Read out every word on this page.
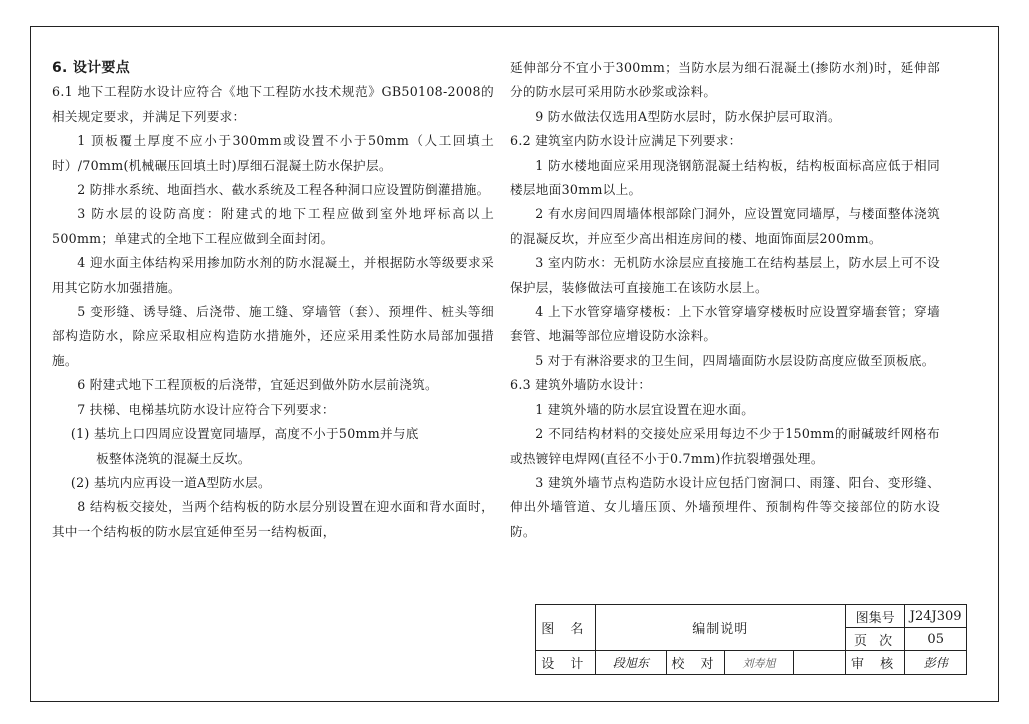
6. 设计要点

6.1 地下工程防水设计应符合《地下工程防水技术规范》GB50108-2008的相关规定要求，并满足下列要求：

1 顶板覆土厚度不应小于300mm或设置不小于50mm（人工回填土时）/70mm(机械碾压回填土时)厚细石混凝土防水保护层。

2 防排水系统、地面挡水、截水系统及工程各种洞口应设置防倒灌措施。

3 防水层的设防高度：附建式的地下工程应做到室外地坪标高以上500mm；单建式的全地下工程应做到全面封闭。

4 迎水面主体结构采用掺加防水剂的防水混凝土，并根据防水等级要求采用其它防水加强措施。

5 变形缝、诱导缝、后浇带、施工缝、穿墙管（套）、预埋件、桩头等细部构造防水，除应采取相应构造防水措施外，还应采用柔性防水局部加强措施。

6 附建式地下工程顶板的后浇带，宜延迟到做外防水层前浇筑。

7 扶梯、电梯基坑防水设计应符合下列要求：

(1) 基坑上口四周应设置宽同墙厚，高度不小于50mm并与底

板整体浇筑的混凝土反坎。

(2) 基坑内应再设一道A型防水层。

8 结构板交接处，当两个结构板的防水层分别设置在迎水面和背水面时，其中一个结构板的防水层宜延伸至另一结构板面，

延伸部分不宜小于300mm；当防水层为细石混凝土(掺防水剂)时，延伸部分的防水层可采用防水砂浆或涂料。

9 防水做法仅选用A型防水层时，防水保护层可取消。

6.2 建筑室内防水设计应满足下列要求：

1 防水楼地面应采用现浇钢筋混凝土结构板，结构板面标高应低于相同楼层地面30mm以上。

2 有水房间四周墙体根部除门洞外，应设置宽同墙厚，与楼面整体浇筑的混凝反坎，并应至少高出相连房间的楼、地面饰面层200mm。

3 室内防水：无机防水涂层应直接施工在结构基层上，防水层上可不设保护层，装修做法可直接施工在该防水层上。

4 上下水管穿墙穿楼板：上下水管穿墙穿楼板时应设置穿墙套管；穿墙套管、地漏等部位应增设防水涂料。

5 对于有淋浴要求的卫生间，四周墙面防水层设防高度应做至顶板底。

6.3 建筑外墙防水设计：

1 建筑外墙的防水层宜设置在迎水面。

2 不同结构材料的交接处应采用每边不少于150mm的耐碱玻纤网格布或热镀锌电焊网(直径不小于0.7mm)作抗裂增强处理。

3 建筑外墙节点构造防水设计应包括门窗洞口、雨篷、阳台、变形缝、伸出外墙管道、女儿墙压顶、外墙预埋件、预制构件等交接部位的防水设防。

图 名	编制说明				图集号	J24J309
					页 次	05
设 计	段旭东	校 对	刘寿旭		审 核	彭伟
